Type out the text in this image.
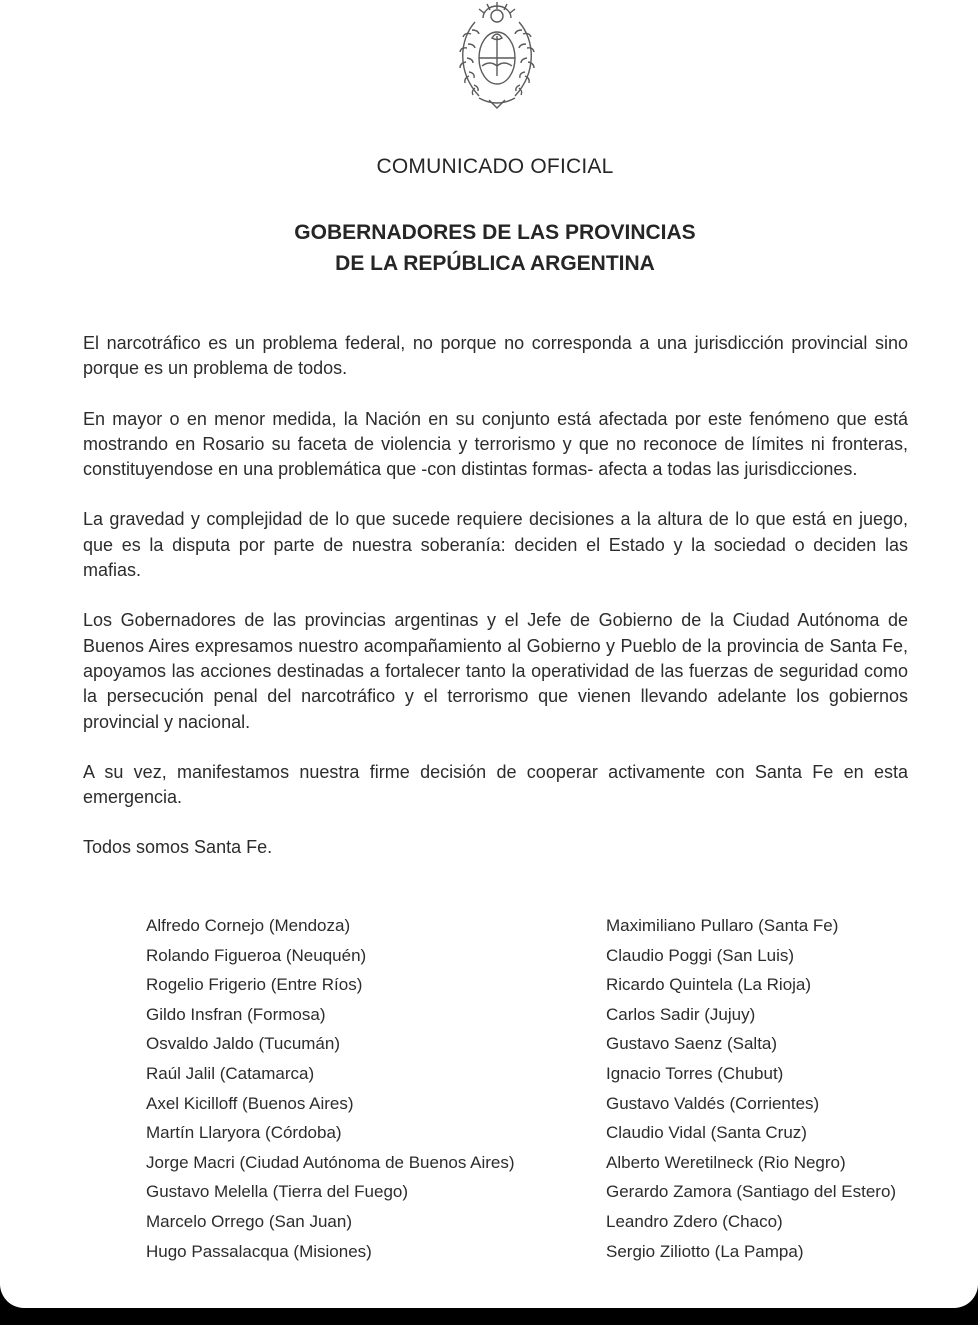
COMUNICADO OFICIAL
GOBERNADORES DE LAS PROVINCIAS
DE LA REPÚBLICA ARGENTINA

El narcotráfico es un problema federal, no porque no corresponda a una jurisdicción provincial sino porque es un problema de todos.

En mayor o en menor medida, la Nación en su conjunto está afectada por este fenómeno que está mostrando en Rosario su faceta de violencia y terrorismo y que no reconoce de límites ni fronteras, constituyendose en una problemática que -con distintas formas- afecta a todas las jurisdicciones.

La gravedad y complejidad de lo que sucede requiere decisiones a la altura de lo que está en juego, que es la disputa por parte de nuestra soberanía: deciden el Estado y la sociedad o deciden las mafias.

Los Gobernadores de las provincias argentinas y el Jefe de Gobierno de la Ciudad Autónoma de Buenos Aires expresamos nuestro acompañamiento al Gobierno y Pueblo de la provincia de Santa Fe, apoyamos las acciones destinadas a fortalecer tanto la operatividad de las fuerzas de seguridad como la persecución penal del narcotráfico y el terrorismo que vienen llevando adelante los gobiernos provincial y nacional.

A su vez, manifestamos nuestra firme decisión de cooperar activamente con Santa Fe en esta emergencia.

Todos somos Santa Fe.

Alfredo Cornejo (Mendoza)
Rolando Figueroa (Neuquén)
Rogelio Frigerio (Entre Ríos)
Gildo Insfran (Formosa)
Osvaldo Jaldo (Tucumán)
Raúl Jalil (Catamarca)
Axel Kicilloff (Buenos Aires)
Martín Llaryora (Córdoba)
Jorge Macri (Ciudad Autónoma de Buenos Aires)
Gustavo Melella (Tierra del Fuego)
Marcelo Orrego (San Juan)
Hugo Passalacqua (Misiones)
Maximiliano Pullaro (Santa Fe)
Claudio Poggi (San Luis)
Ricardo Quintela (La Rioja)
Carlos Sadir (Jujuy)
Gustavo Saenz (Salta)
Ignacio Torres (Chubut)
Gustavo Valdés (Corrientes)
Claudio Vidal (Santa Cruz)
Alberto Weretilneck (Rio Negro)
Gerardo Zamora (Santiago del Estero)
Leandro Zdero (Chaco)
Sergio Ziliotto (La Pampa)
